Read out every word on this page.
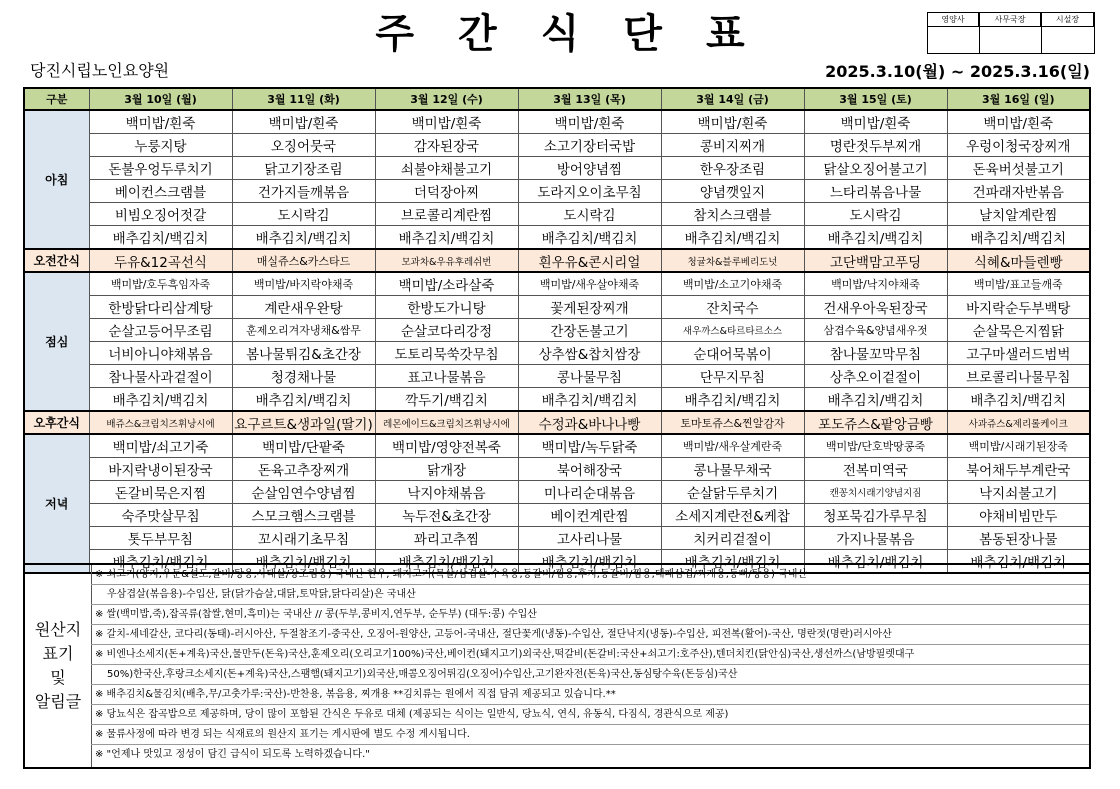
주간식단표	영양사	사무국장	시설장
당진시립노인요양원	2025.3.10(월) ~ 2025.3.16(일)
구분	3월 10일 (월)	3월 11일 (화)	3월 12일 (수)	3월 13일 (목)	3월 14일 (금)	3월 15일 (토)	3월 16일 (일)
아침	백미밥/흰죽	백미밥/흰죽	백미밥/흰죽	백미밥/흰죽	백미밥/흰죽	백미밥/흰죽	백미밥/흰죽
	누룽지탕	오징어뭇국	감자된장국	소고기장터국밥	콩비지찌개	명란젓두부찌개	우렁이청국장찌개
	돈불우엉두루치기	닭고기장조림	쇠불야채불고기	방어양념찜	한우장조림	닭살오징어불고기	돈육버섯불고기
	베이컨스크램블	건가지들깨볶음	더덕장아찌	도라지오이초무침	양념깻잎지	느타리볶음나물	건파래자반볶음
	비빔오징어젓갈	도시락김	브로콜리계란찜	도시락김	참치스크램블	도시락김	날치알계란찜
	배추김치/백김치	배추김치/백김치	배추김치/백김치	배추김치/백김치	배추김치/백김치	배추김치/백김치	배추김치/백김치
오전간식	두유&12곡선식	매실쥬스&카스타드	모과차&우유후레쉬번	흰우유&콘시리얼	청귤차&블루베리도넛	고단백맘고푸딩	식혜&마들렌빵
점심	백미밥/호두흑임자죽	백미밥/바지락야채죽	백미밥/소라살죽	백미밥/새우살야채죽	백미밥/소고기야채죽	백미밥/낙지야채죽	백미밥/표고들깨죽
	한방닭다리삼계탕	계란새우완탕	한방도가니탕	꽃게된장찌개	잔치국수	건새우아욱된장국	바지락순두부백탕
	순살고등어무조림	훈제오리겨자냉채&쌈무	순살코다리강정	간장돈불고기	새우까스&타르타르소스	삼겹수육&양념새우젓	순살묵은지찜닭
	너비아니야채볶음	봄나물튀김&초간장	도토리묵쑥갓무침	상추쌈&찹치쌈장	순대어묵볶이	참나물꼬막무침	고구마샐러드범벅
	참나물사과겉절이	청경채나물	표고나물볶음	콩나물무침	단무지무침	상추오이겉절이	브로콜리나물무침
	배추김치/백김치	배추김치/백김치	깍두기/백김치	배추김치/백김치	배추김치/백김치	배추김치/백김치	배추김치/백김치
오후간식	배쥬스&크림치즈휘낭시에	요구르트&생과일(딸기)	레몬에이드&크림치즈휘낭시에	수정과&바나나빵	토마토쥬스&찐알감자	포도쥬스&팥앙금빵	사과쥬스&제리롤케이크
저녁	백미밥/쇠고기죽	백미밥/단팥죽	백미밥/영양전복죽	백미밥/녹두닭죽	백미밥/새우살계란죽	백미밥/단호박땅콩죽	백미밥/시래기된장죽
	바지락냉이된장국	돈육고추장찌개	닭개장	북어해장국	콩나물무채국	전복미역국	북어채두부계란국
	돈갈비묵은지찜	순살임연수양념찜	낙지야채볶음	미나리순대볶음	순살닭두루치기	캔꽁치시래기양념지짐	낙지쇠불고기
	숙주맛살무침	스모크햄스크램블	녹두전&초간장	베이컨계란찜	소세지계란전&케찹	청포묵김가루무침	야채비빔만두
	톳두부무침	꼬시래기초무침	꽈리고추찜	고사리나물	치커리겉절이	가지나물볶음	봄동된장나물
	배추김치/백김치	배추김치/백김치	배추김치/백김치	배추김치/백김치	배추김치/백김치	배추김치/백김치	배추김치/백김치
원산지
표기
및
알림글
※ 쇠고기(양지,우둔&설도,갈비/탕용,사태살/장조림용) 국내산 한우, 돼지고기(목살/삼겹살-수육용,등갈비/찜용,후지,등갈비/찜용,대패삼겹/찌개용,등뼈/탕용) 국내산
우삼겹살(볶음용)-수입산, 닭(닭가슴살,대닭,토막닭,닭다리살)은 국내산
※ 쌀(백미밥,죽),잡곡류(찹쌀,현미,흑미)는 국내산 // 콩(두부,콩비지,연두부, 순두부) (대두:콩) 수입산
※ 갈치-세네갈산, 코다리(동태)-러시아산, 두절참조기-중국산, 오징어-원양산, 고등어-국내산, 절단꽃게(냉동)-수입산, 절단낙지(냉동)-수입산, 피전복(활어)-국산, 명란젓(명란)러시아산
※ 비엔나소세지(돈+계육)국산,물만두(돈육)국산,훈제오리(오리고기100%)국산,베이컨(돼지고기)외국산,떡갈비(돈갈비:국산+쇠고기:호주산),텐더치킨(닭안심)국산,생선까스(남방필렛대구
50%)한국산,후랑크소세지(돈+계육)국산,스팸햄(돼지고기)외국산,매콤오징어튀김(오징어)수입산,고기완자전(돈육)국산,동심탕수육(돈등심)국산
※ 배추김치&물김치(배추,무/고춧가루:국산)-반찬용, 볶음용, 찌개용 **김치류는 원에서 직접 담궈 제공되고 있습니다.**
※ 당뇨식은 잡곡밥으로 제공하며, 당이 많이 포함된 간식은 두유로 대체 (제공되는 식이는 일반식, 당뇨식, 연식, 유동식, 다짐식, 경관식으로 제공)
※ 물류사정에 따라 변경 되는 식재료의 원산지 표기는 게시판에 별도 수정 게시됩니다.
※ "언제나 맛있고 정성이 담긴 급식이 되도록 노력하겠습니다."
